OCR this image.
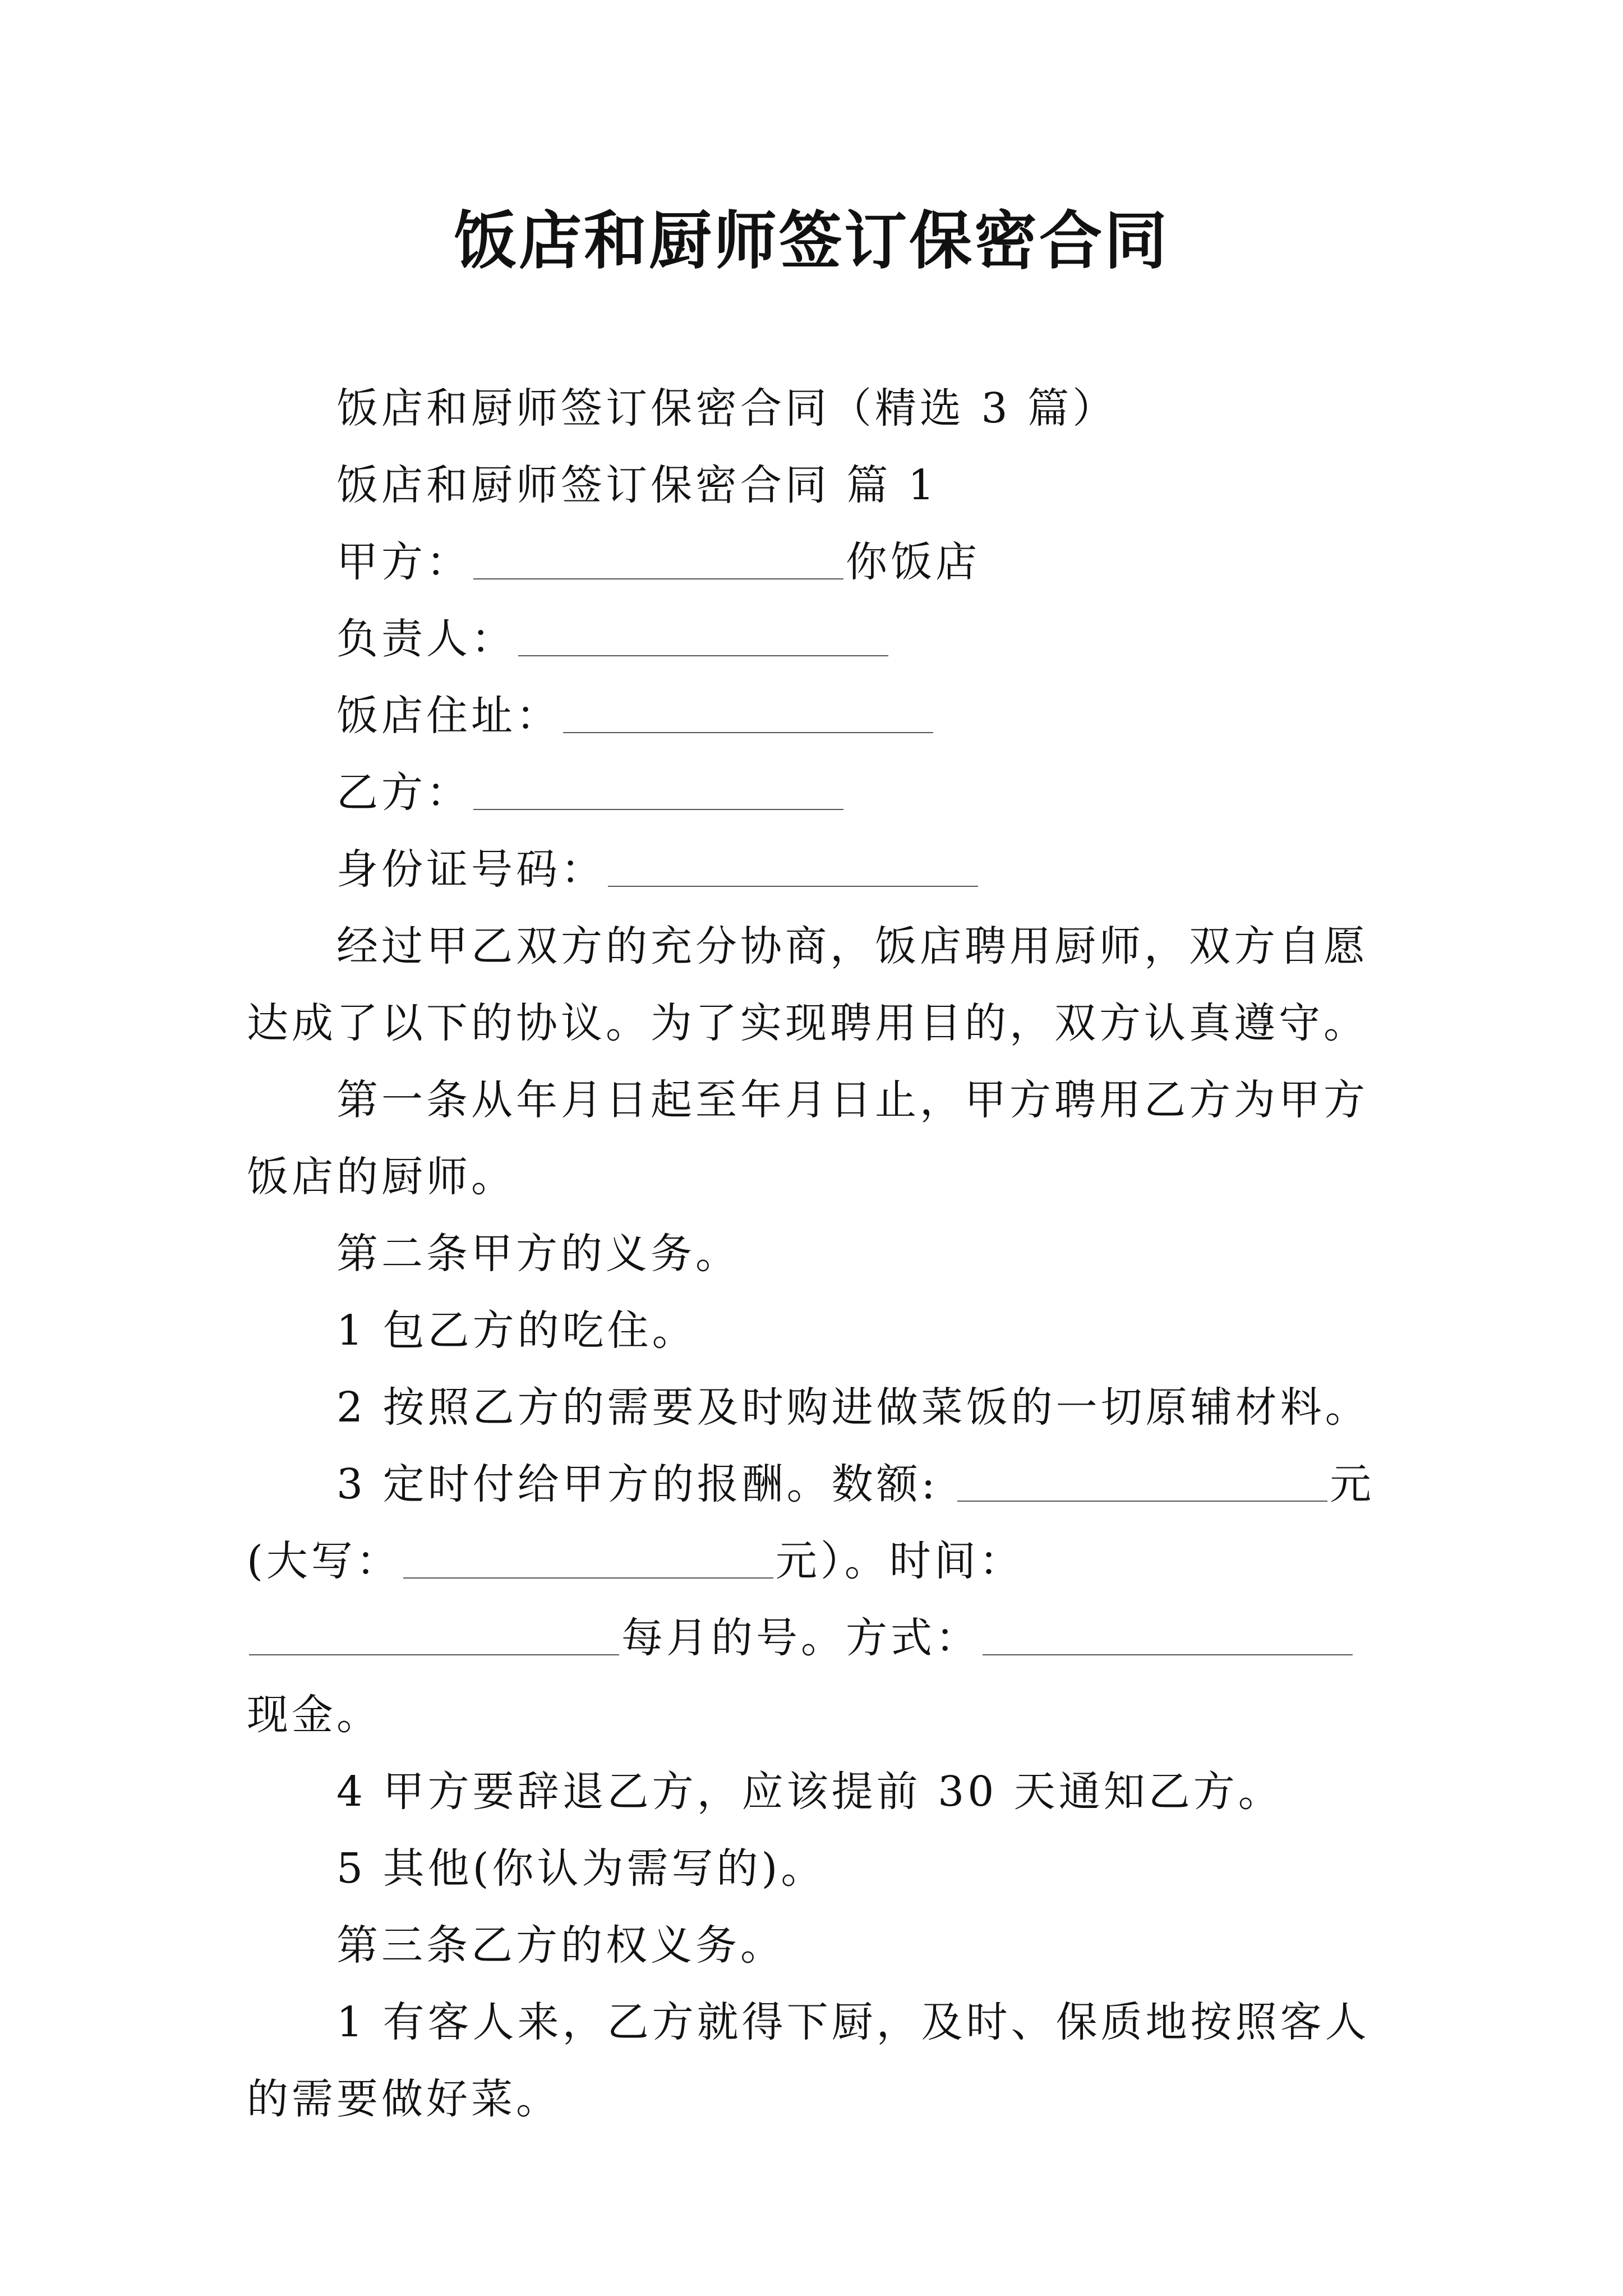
饭店和厨师签订保密合同

饭店和厨师签订保密合同（精选 3 篇）

饭店和厨师签订保密合同 篇 1

甲方：	你饭店

负责人：

饭店住址：

乙方：

身份证号码：

经过甲乙双方的充分协商，饭店聘用厨师，双方自愿达成了以下的协议。为了实现聘用目的，双方认真遵守。

第一条从年月日起至年月日止，甲方聘用乙方为甲方饭店的厨师。

第二条甲方的义务。

1 包乙方的吃住。

2 按照乙方的需要及时购进做菜饭的一切原辅材料。

3 定时付给甲方的报酬。数额:	元(大写：	元）。时间：每月的号。方式：现金。

4 甲方要辞退乙方，应该提前 30 天通知乙方。

5 其他(你认为需写的)。

第三条乙方的权义务。

1 有客人来，乙方就得下厨，及时、保质地按照客人的需要做好菜。
